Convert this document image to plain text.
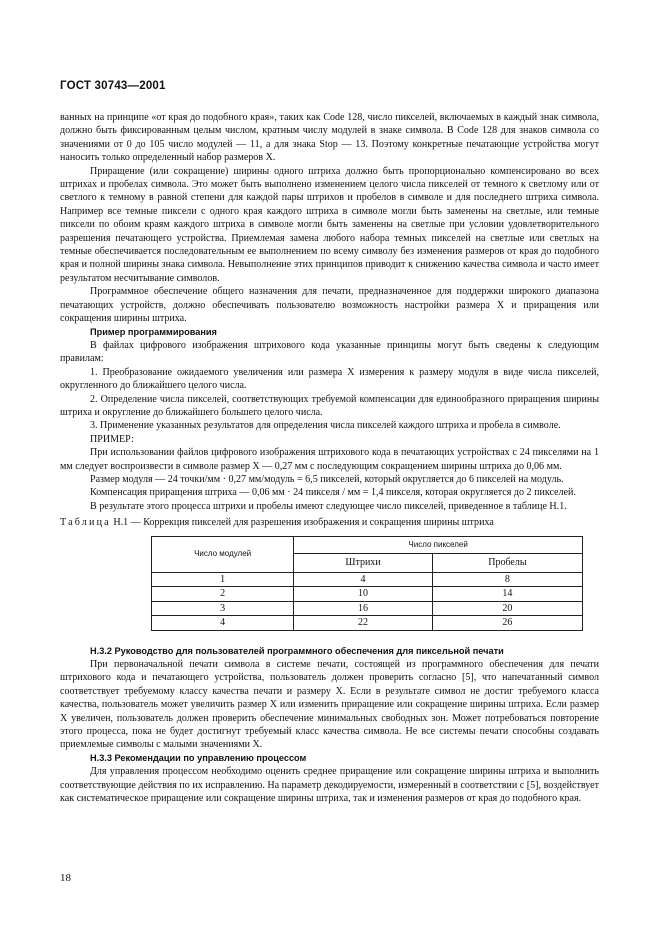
ГОСТ 30743—2001

ванных на принципе «от края до подобного края», таких как Code 128, число пикселей, включаемых в каждый знак символа, должно быть фиксированным целым числом, кратным числу модулей в знаке символа. В Code 128 для знаков символа со значениями от 0 до 105 число модулей — 11, а для знака Stop — 13. Поэтому конкретные печатающие устройства могут наносить только определенный набор размеров X.

Приращение (или сокращение) ширины одного штриха должно быть пропорционально компенсировано во всех штрихах и пробелах символа. Это может быть выполнено изменением целого числа пикселей от темного к светлому или от светлого к темному в равной степени для каждой пары штрихов и пробелов в символе и для последнего штриха символа. Например все темные пиксели с одного края каждого штриха в символе могли быть заменены на светлые, или темные пиксели по обоим краям каждого штриха в символе могли быть заменены на светлые при условии удовлетворительного разрешения печатающего устройства. Приемлемая замена любого набора темных пикселей на светлые или светлых на темные обеспечивается последовательным ее выполнением по всему символу без изменения размеров от края до подобного края и полной ширины знака символа. Невыполнение этих принципов приводит к снижению качества символа и часто имеет результатом несчитывание символов.

Программное обеспечение общего назначения для печати, предназначенное для поддержки широкого диапазона печатающих устройств, должно обеспечивать пользователю возможность настройки размера X и приращения или сокращения ширины штриха.

Пример программирования

В файлах цифрового изображения штрихового кода указанные принципы могут быть сведены к следующим правилам:

1. Преобразование ожидаемого увеличения или размера X измерения к размеру модуля в виде числа пикселей, округленного до ближайшего целого числа.

2. Определение числа пикселей, соответствующих требуемой компенсации для единообразного приращения ширины штриха и округление до ближайшего большего целого числа.

3. Применение указанных результатов для определения числа пикселей каждого штриха и пробела в символе.

ПРИМЕР:

При использовании файлов цифрового изображения штрихового кода в печатающих устройствах с 24 пикселями на 1 мм следует воспроизвести в символе размер X — 0,27 мм с последующим сокращением ширины штриха до 0,06 мм.

Размер модуля — 24 точки/мм · 0,27 мм/модуль = 6,5 пикселей, который округляется до 6 пикселей на модуль.

Компенсация приращения штриха — 0,06 мм · 24 пикселя / мм = 1,4 пикселя, которая округляется до 2 пикселей.

В результате этого процесса штрихи и пробелы имеют следующее число пикселей, приведенное в таблице H.1.

Таблица H.1 — Коррекция пикселей для разрешения изображения и сокращения ширины штриха

Число модулей	Число пикселей	
	Штрихи	Пробелы
1	4	8
2	10	14
3	16	20
4	22	26

H.3.2 Руководство для пользователей программного обеспечения для пиксельной печати

При первоначальной печати символа в системе печати, состоящей из программного обеспечения для печати штрихового кода и печатающего устройства, пользователь должен проверить согласно [5], что напечатанный символ соответствует требуемому классу качества печати и размеру X. Если в результате символ не достиг требуемого класса качества, пользователь может увеличить размер X или изменить приращение или сокращение ширины штриха. Если размер X увеличен, пользователь должен проверить обеспечение минимальных свободных зон. Может потребоваться повторение этого процесса, пока не будет достигнут требуемый класс качества символа. Не все системы печати способны создавать приемлемые символы с малыми значениями X.

H.3.3 Рекомендации по управлению процессом

Для управления процессом необходимо оценить среднее приращение или сокращение ширины штриха и выполнить соответствующие действия по их исправлению. На параметр декодируемости, измеренный в соответствии с [5], воздействует как систематическое приращение или сокращение ширины штриха, так и изменения размеров от края до подобного края.

18
